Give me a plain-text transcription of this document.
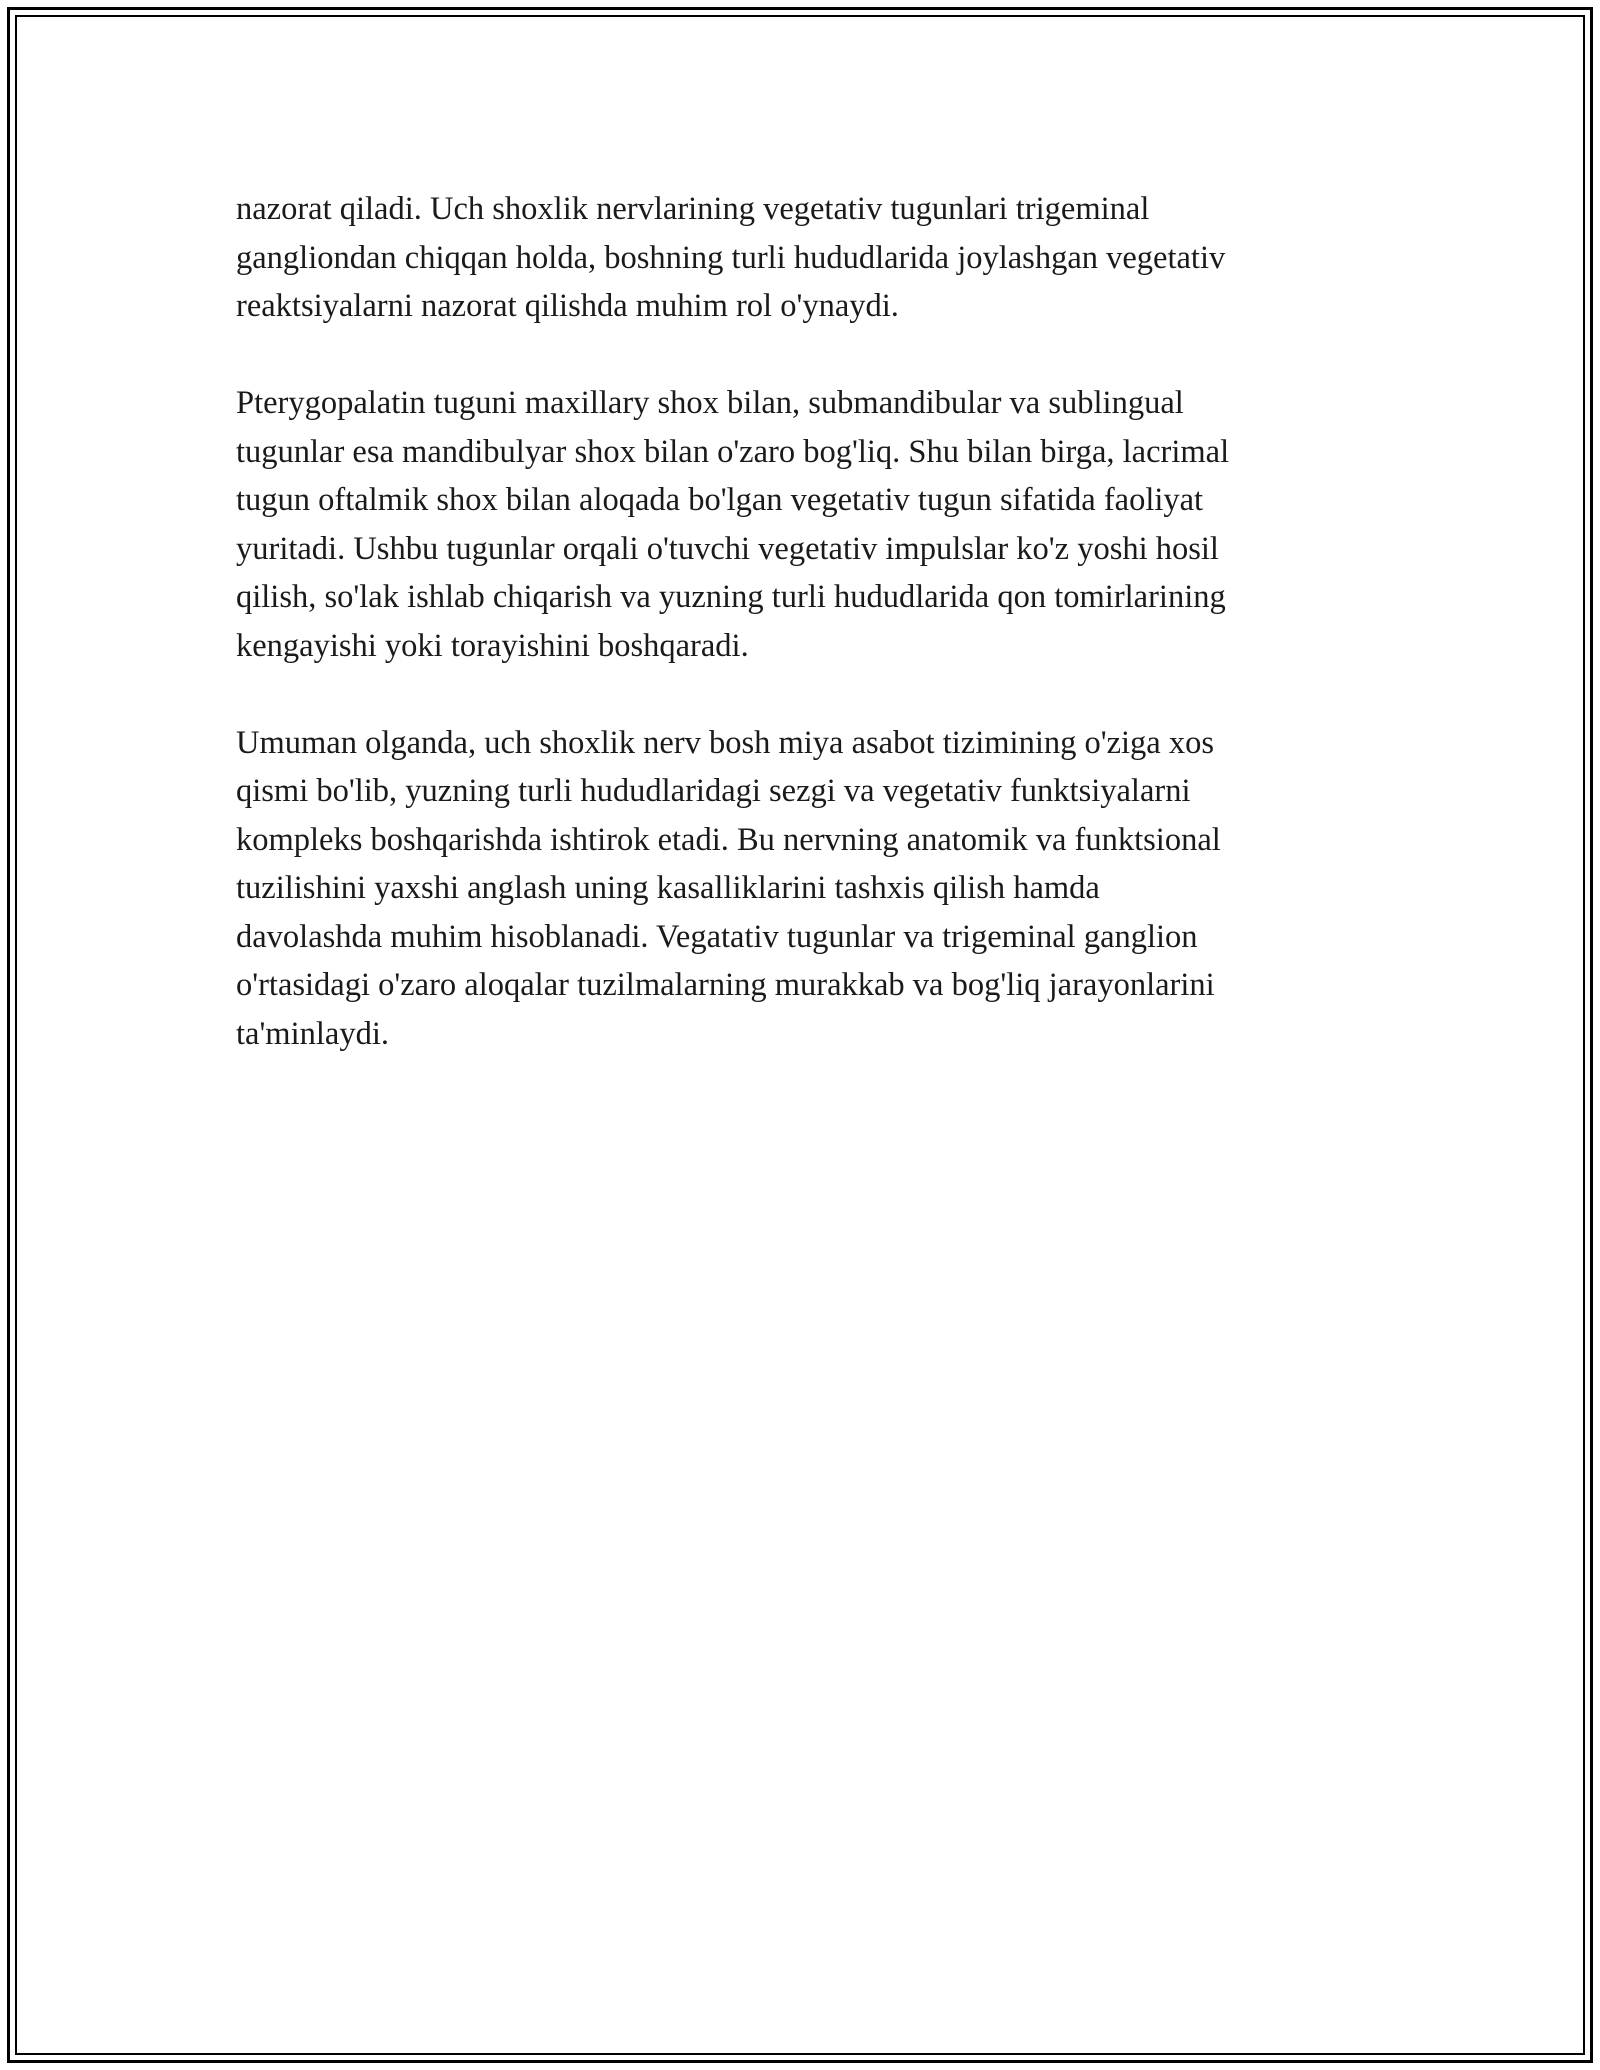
nazorat qiladi. Uch shoxlik nervlarining vegetativ tugunlari trigeminal
gangliondan chiqqan holda, boshning turli hududlarida joylashgan vegetativ
reaktsiyalarni nazorat qilishda muhim rol o'ynaydi.

Pterygopalatin tuguni maxillary shox bilan, submandibular va sublingual
tugunlar esa mandibulyar shox bilan o'zaro bog'liq. Shu bilan birga, lacrimal
tugun oftalmik shox bilan aloqada bo'lgan vegetativ tugun sifatida faoliyat
yuritadi. Ushbu tugunlar orqali o'tuvchi vegetativ impulslar ko'z yoshi hosil
qilish, so'lak ishlab chiqarish va yuzning turli hududlarida qon tomirlarining
kengayishi yoki torayishini boshqaradi.

Umuman olganda, uch shoxlik nerv bosh miya asabot tizimining o'ziga xos
qismi bo'lib, yuzning turli hududlaridagi sezgi va vegetativ funktsiyalarni
kompleks boshqarishda ishtirok etadi. Bu nervning anatomik va funktsional
tuzilishini yaxshi anglash uning kasalliklarini tashxis qilish hamda
davolashda muhim hisoblanadi. Vegatativ tugunlar va trigeminal ganglion
o'rtasidagi o'zaro aloqalar tuzilmalarning murakkab va bog'liq jarayonlarini
ta'minlaydi.
